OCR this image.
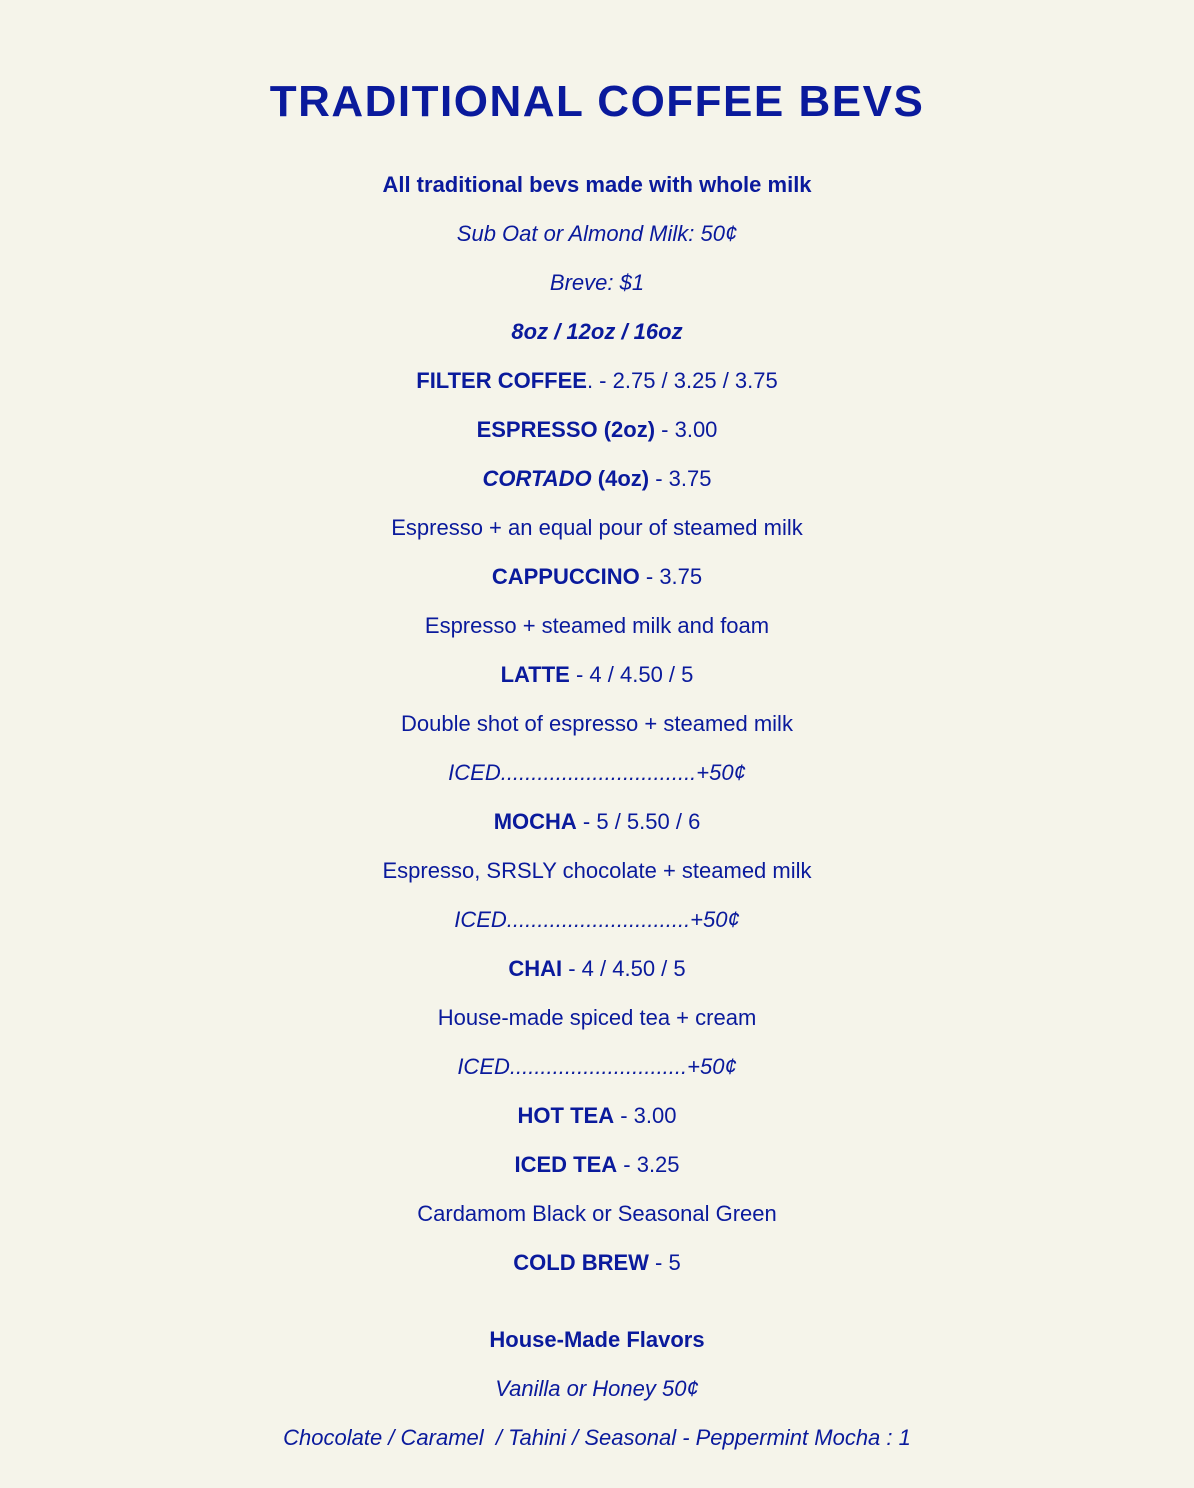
TRADITIONAL COFFEE BEVS
All traditional bevs made with whole milk
Sub Oat or Almond Milk: 50¢
Breve: $1
8oz / 12oz / 16oz
FILTER COFFEE. - 2.75 / 3.25 / 3.75
ESPRESSO (2oz) - 3.00
CORTADO (4oz) - 3.75
Espresso + an equal pour of steamed milk
CAPPUCCINO - 3.75
Espresso + steamed milk and foam
LATTE - 4 / 4.50 / 5
Double shot of espresso + steamed milk
ICED................................+50¢
MOCHA - 5 / 5.50 / 6
Espresso, SRSLY chocolate + steamed milk
ICED..............................+50¢
CHAI - 4 / 4.50 / 5
House-made spiced tea + cream
ICED.............................+50¢
HOT TEA - 3.00
ICED TEA - 3.25
Cardamom Black or Seasonal Green
COLD BREW - 5
House-Made Flavors
Vanilla or Honey 50¢
Chocolate / Caramel  / Tahini / Seasonal - Peppermint Mocha : 1
